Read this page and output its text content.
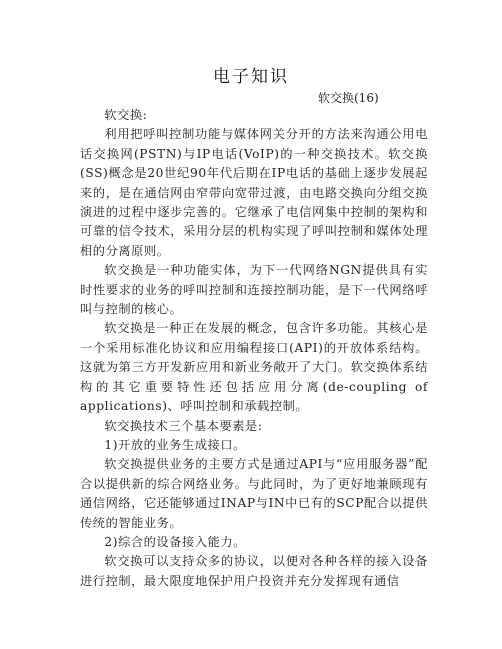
电子知识
软交换(16)

软交换:

利用把呼叫控制功能与媒体网关分开的方法来沟通公用电话交换网(PSTN)与IP电话(VoIP)的一种交换技术。软交换(SS)概念是20世纪90年代后期在IP电话的基础上逐步发展起来的，是在通信网由窄带向宽带过渡，由电路交换向分组交换演进的过程中逐步完善的。它继承了电信网集中控制的架构和可靠的信令技术，采用分层的机构实现了呼叫控制和媒体处理相的分离原则。

软交换是一种功能实体，为下一代网络NGN提供具有实时性要求的业务的呼叫控制和连接控制功能，是下一代网络呼叫与控制的核心。

软交换是一种正在发展的概念，包含许多功能。其核心是一个采用标准化协议和应用编程接口(API)的开放体系结构。这就为第三方开发新应用和新业务敞开了大门。软交换体系结构的其它重要特性还包括应用分离(de-coupling of applications)、呼叫控制和承载控制。

软交换技术三个基本要素是:

1)开放的业务生成接口。

软交换提供业务的主要方式是通过API与“应用服务器”配合以提供新的综合网络业务。与此同时，为了更好地兼顾现有通信网络，它还能够通过INAP与IN中已有的SCP配合以提供传统的智能业务。

2)综合的设备接入能力。

软交换可以支持众多的协议，以便对各种各样的接入设备进行控制，最大限度地保护用户投资并充分发挥现有通信
